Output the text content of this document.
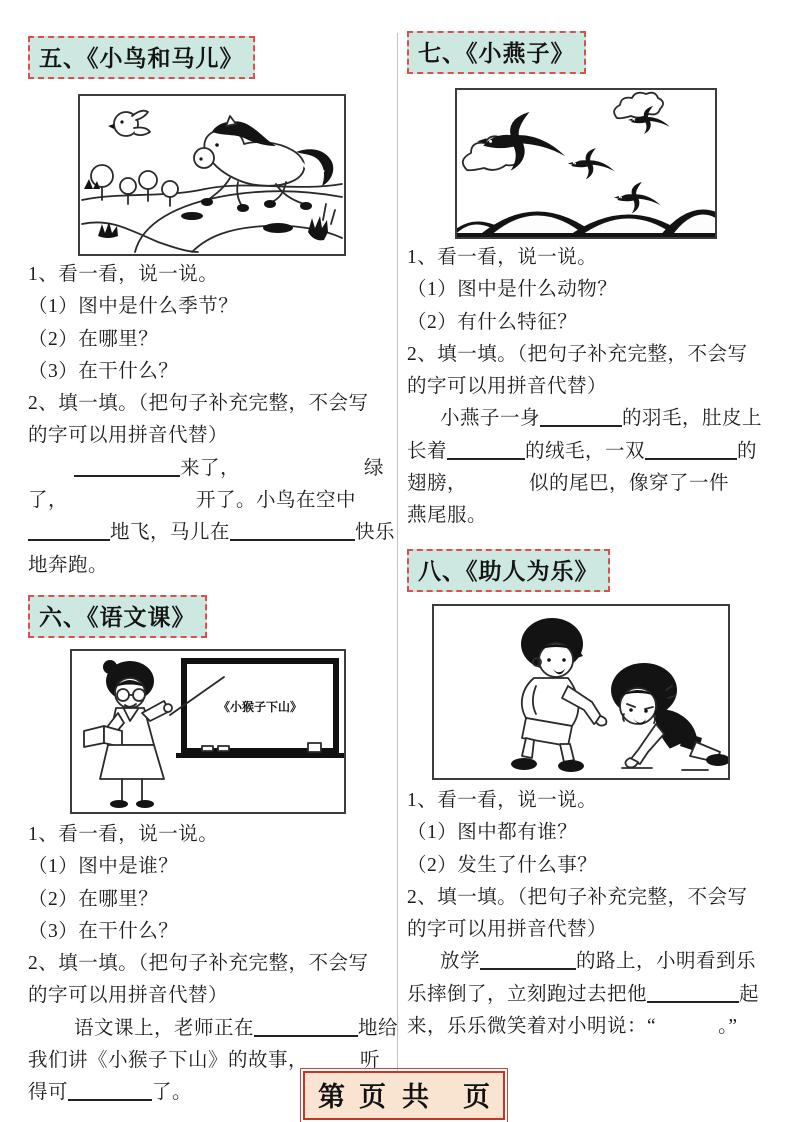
五、《小鸟和马儿》

1、看一看，说一说。

（1）图中是什么季节？

（2）在哪里？

（3）在干什么？

2、填一填。（把句子补充完整，不会写

的字可以用拼音代替）

来了，	绿

了，	开了。小鸟在空中

地飞，马儿在	快乐

地奔跑。

六、《语文课》
《小猴子下山》

1、看一看，说一说。

（1）图中是谁？

（2）在哪里？

（3）在干什么？

2、填一填。（把句子补充完整，不会写

的字可以用拼音代替）

语文课上，老师正在	地给

我们讲《小猴子下山》的故事，	听

得可	了。

七、《小燕子》

1、看一看，说一说。

（1）图中是什么动物？

（2）有什么特征？

2、填一填。（把句子补充完整，不会写

的字可以用拼音代替）

小燕子一身	的羽毛，肚皮上

长着	的绒毛，一双	的

翅膀，	似的尾巴，像穿了一件

燕尾服。

八、《助人为乐》

1、看一看，说一说。

（1）图中都有谁？

（2）发生了什么事？

2、填一填。（把句子补充完整，不会写

的字可以用拼音代替）

放学	的路上，小明看到乐

乐摔倒了，立刻跑过去把他	起

来，乐乐微笑着对小明说：“	。”

第 页 共 页
